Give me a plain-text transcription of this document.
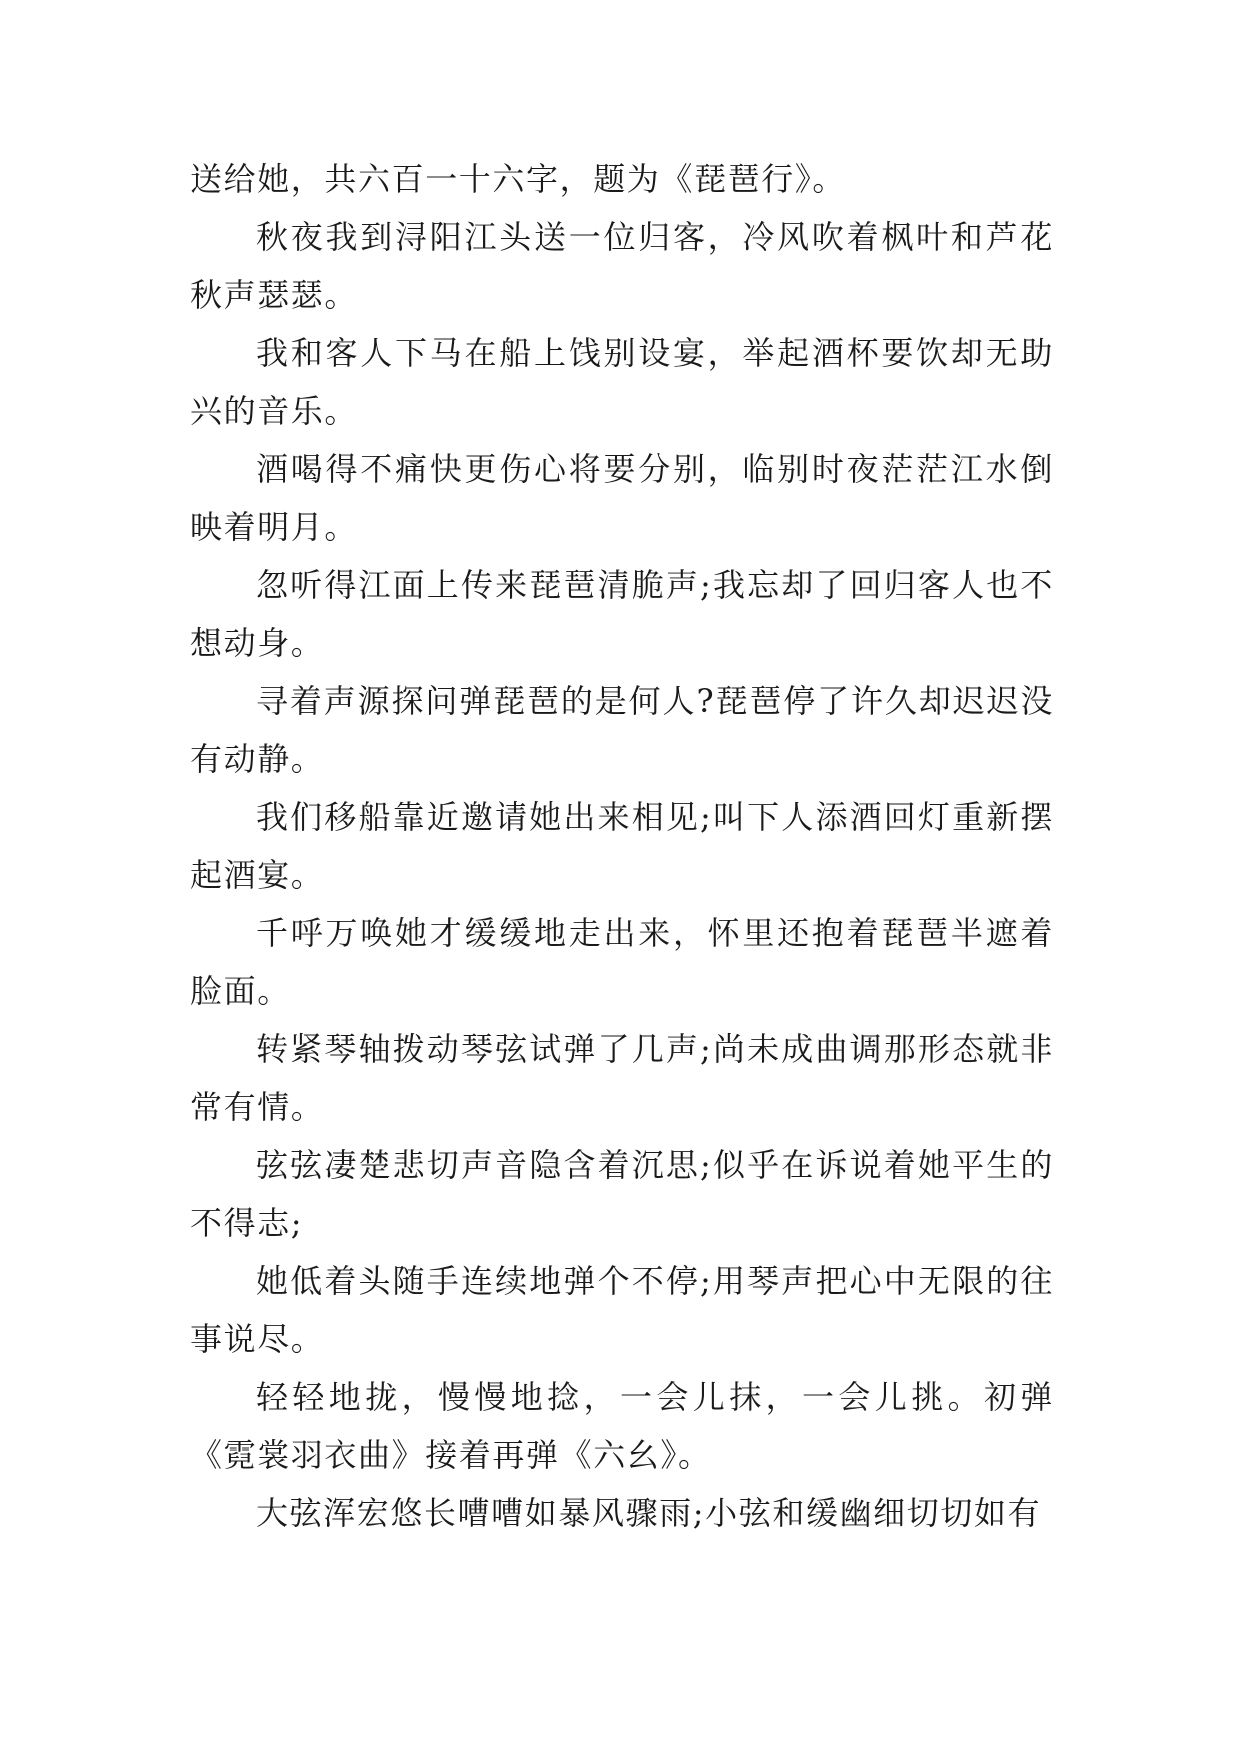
送给她，共六百一十六字，题为《琵琶行》。

秋夜我到浔阳江头送一位归客，冷风吹着枫叶和芦花秋声瑟瑟。

我和客人下马在船上饯别设宴，举起酒杯要饮却无助兴的音乐。

酒喝得不痛快更伤心将要分别，临别时夜茫茫江水倒映着明月。

忽听得江面上传来琵琶清脆声;我忘却了回归客人也不想动身。

寻着声源探问弹琵琶的是何人?琵琶停了许久却迟迟没有动静。

我们移船靠近邀请她出来相见;叫下人添酒回灯重新摆起酒宴。

千呼万唤她才缓缓地走出来，怀里还抱着琵琶半遮着脸面。

转紧琴轴拨动琴弦试弹了几声;尚未成曲调那形态就非常有情。

弦弦凄楚悲切声音隐含着沉思;似乎在诉说着她平生的不得志;

她低着头随手连续地弹个不停;用琴声把心中无限的往事说尽。

轻轻地拢，慢慢地捻，一会儿抹，一会儿挑。初弹《霓裳羽衣曲》接着再弹《六幺》。

大弦浑宏悠长嘈嘈如暴风骤雨;小弦和缓幽细切切如有
